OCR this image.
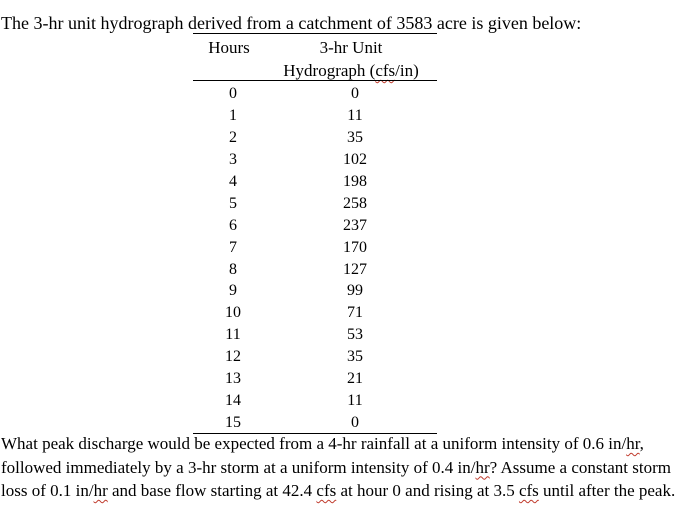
The 3-hr unit hydrograph derived from a catchment of 3583 acre is given below:
Hours	3-hr Unit
Hydrograph (cfs/in)
0	0
1	11
2	35
3	102
4	198
5	258
6	237
7	170
8	127
9	99
10	71
11	53
12	35
13	21
14	11
15	0
What peak discharge would be expected from a 4-hr rainfall at a uniform intensity of 0.6 in/hr, followed immediately by a 3-hr storm at a uniform intensity of 0.4 in/hr? Assume a constant storm loss of 0.1 in/hr and base flow starting at 42.4 cfs at hour 0 and rising at 3.5 cfs until after the peak.
